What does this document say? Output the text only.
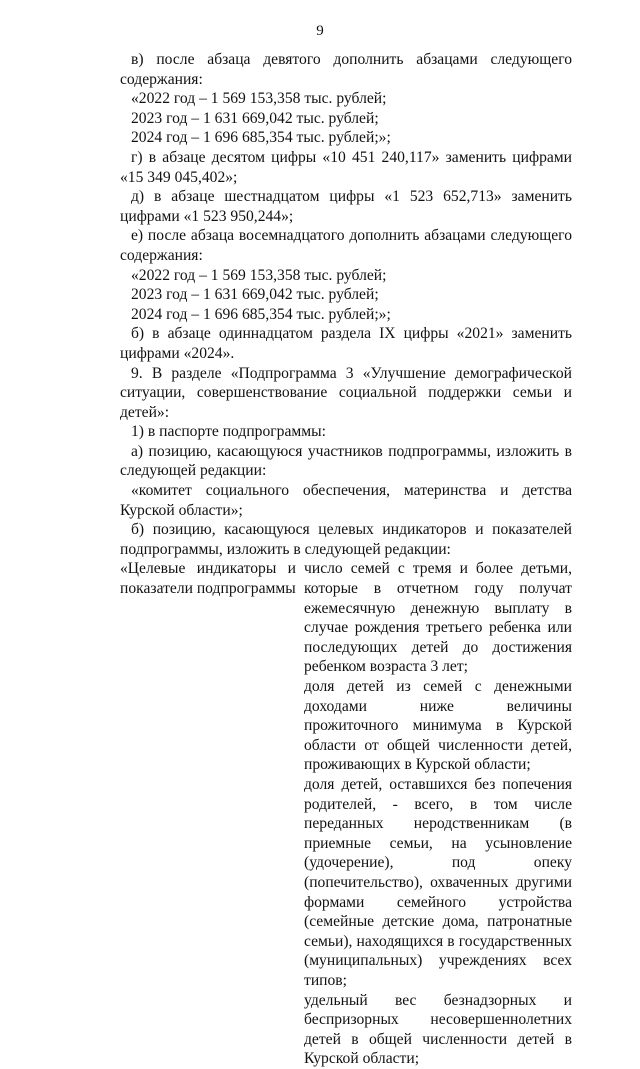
9

в) после абзаца девятого дополнить абзацами следующего содержания:

«2022 год – 1 569 153,358 тыс. рублей;

2023 год – 1 631 669,042 тыс. рублей;

2024 год – 1 696 685,354 тыс. рублей;»;

г) в абзаце десятом цифры «10 451 240,117» заменить цифрами «15 349 045,402»;

д) в абзаце шестнадцатом цифры «1 523 652,713» заменить цифрами «1 523 950,244»;

е) после абзаца восемнадцатого дополнить абзацами следующего содержания:

«2022 год – 1 569 153,358 тыс. рублей;

2023 год – 1 631 669,042 тыс. рублей;

2024 год – 1 696 685,354 тыс. рублей;»;

б) в абзаце одиннадцатом раздела IX цифры «2021» заменить цифрами «2024».

9. В разделе «Подпрограмма 3 «Улучшение демографической ситуации, совершенствование социальной поддержки семьи и детей»:

1) в паспорте подпрограммы:

а) позицию, касающуюся участников подпрограммы, изложить в следующей редакции:

«комитет социального обеспечения, материнства и детства Курской области»;

б) позицию, касающуюся целевых индикаторов и показателей подпрограммы, изложить в следующей редакции:

«Целевые индикаторы и показатели подпрограммы

число семей с тремя и более детьми, которые в отчетном году получат ежемесячную денежную выплату в случае рождения третьего ребенка или последующих детей до достижения ребенком возраста 3 лет;

доля детей из семей с денежными доходами ниже величины прожиточного минимума в Курской области от общей численности детей, проживающих в Курской области;

доля детей, оставшихся без попечения родителей, - всего, в том числе переданных неродственникам (в приемные семьи, на усыновление (удочерение), под опеку (попечительство), охваченных другими формами семейного устройства (семейные детские дома, патронатные семьи), находящихся в государственных (муниципальных) учреждениях всех типов;

удельный вес безнадзорных и беспризорных несовершеннолетних детей в общей численности детей в Курской области;
